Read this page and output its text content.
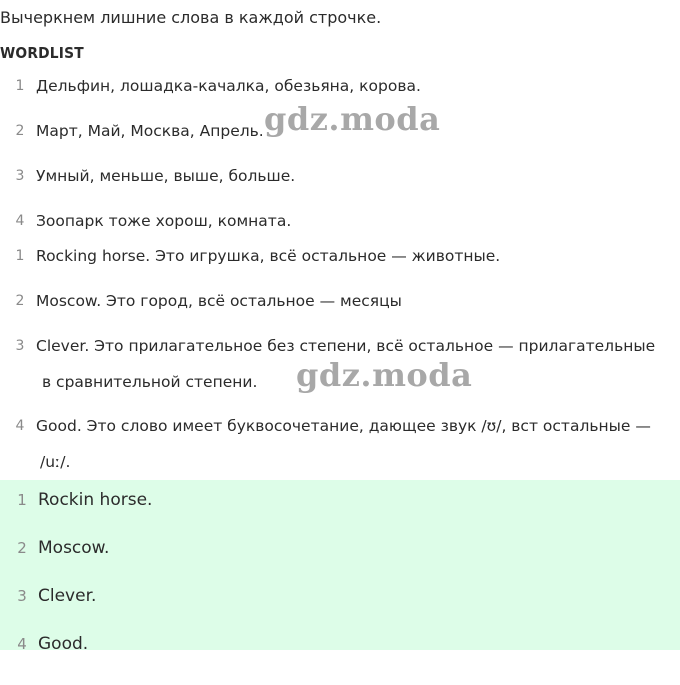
Вычеркнем лишние слова в каждой строчке.
WORDLIST
1 Дельфин, лошадка-качалка, обезьяна, корова.
2 Март, Май, Москва, Апрель.
3 Умный, меньше, выше, больше.
4 Зоопарк тоже хорош, комната.
1 Rocking horse. Это игрушка, всё остальное — животные.
2 Moscow. Это город, всё остальное — месяцы
3 Clever. Это прилагательное без степени, всё остальное — прилагательные
в сравнительной степени.
4 Good. Это слово имеет буквосочетание, дающее звук /ʊ/, вст остальные —
/uː/.
1 Rockin horse.
2 Moscow.
3 Clever.
4 Good.
gdz.moda
gdz.moda
